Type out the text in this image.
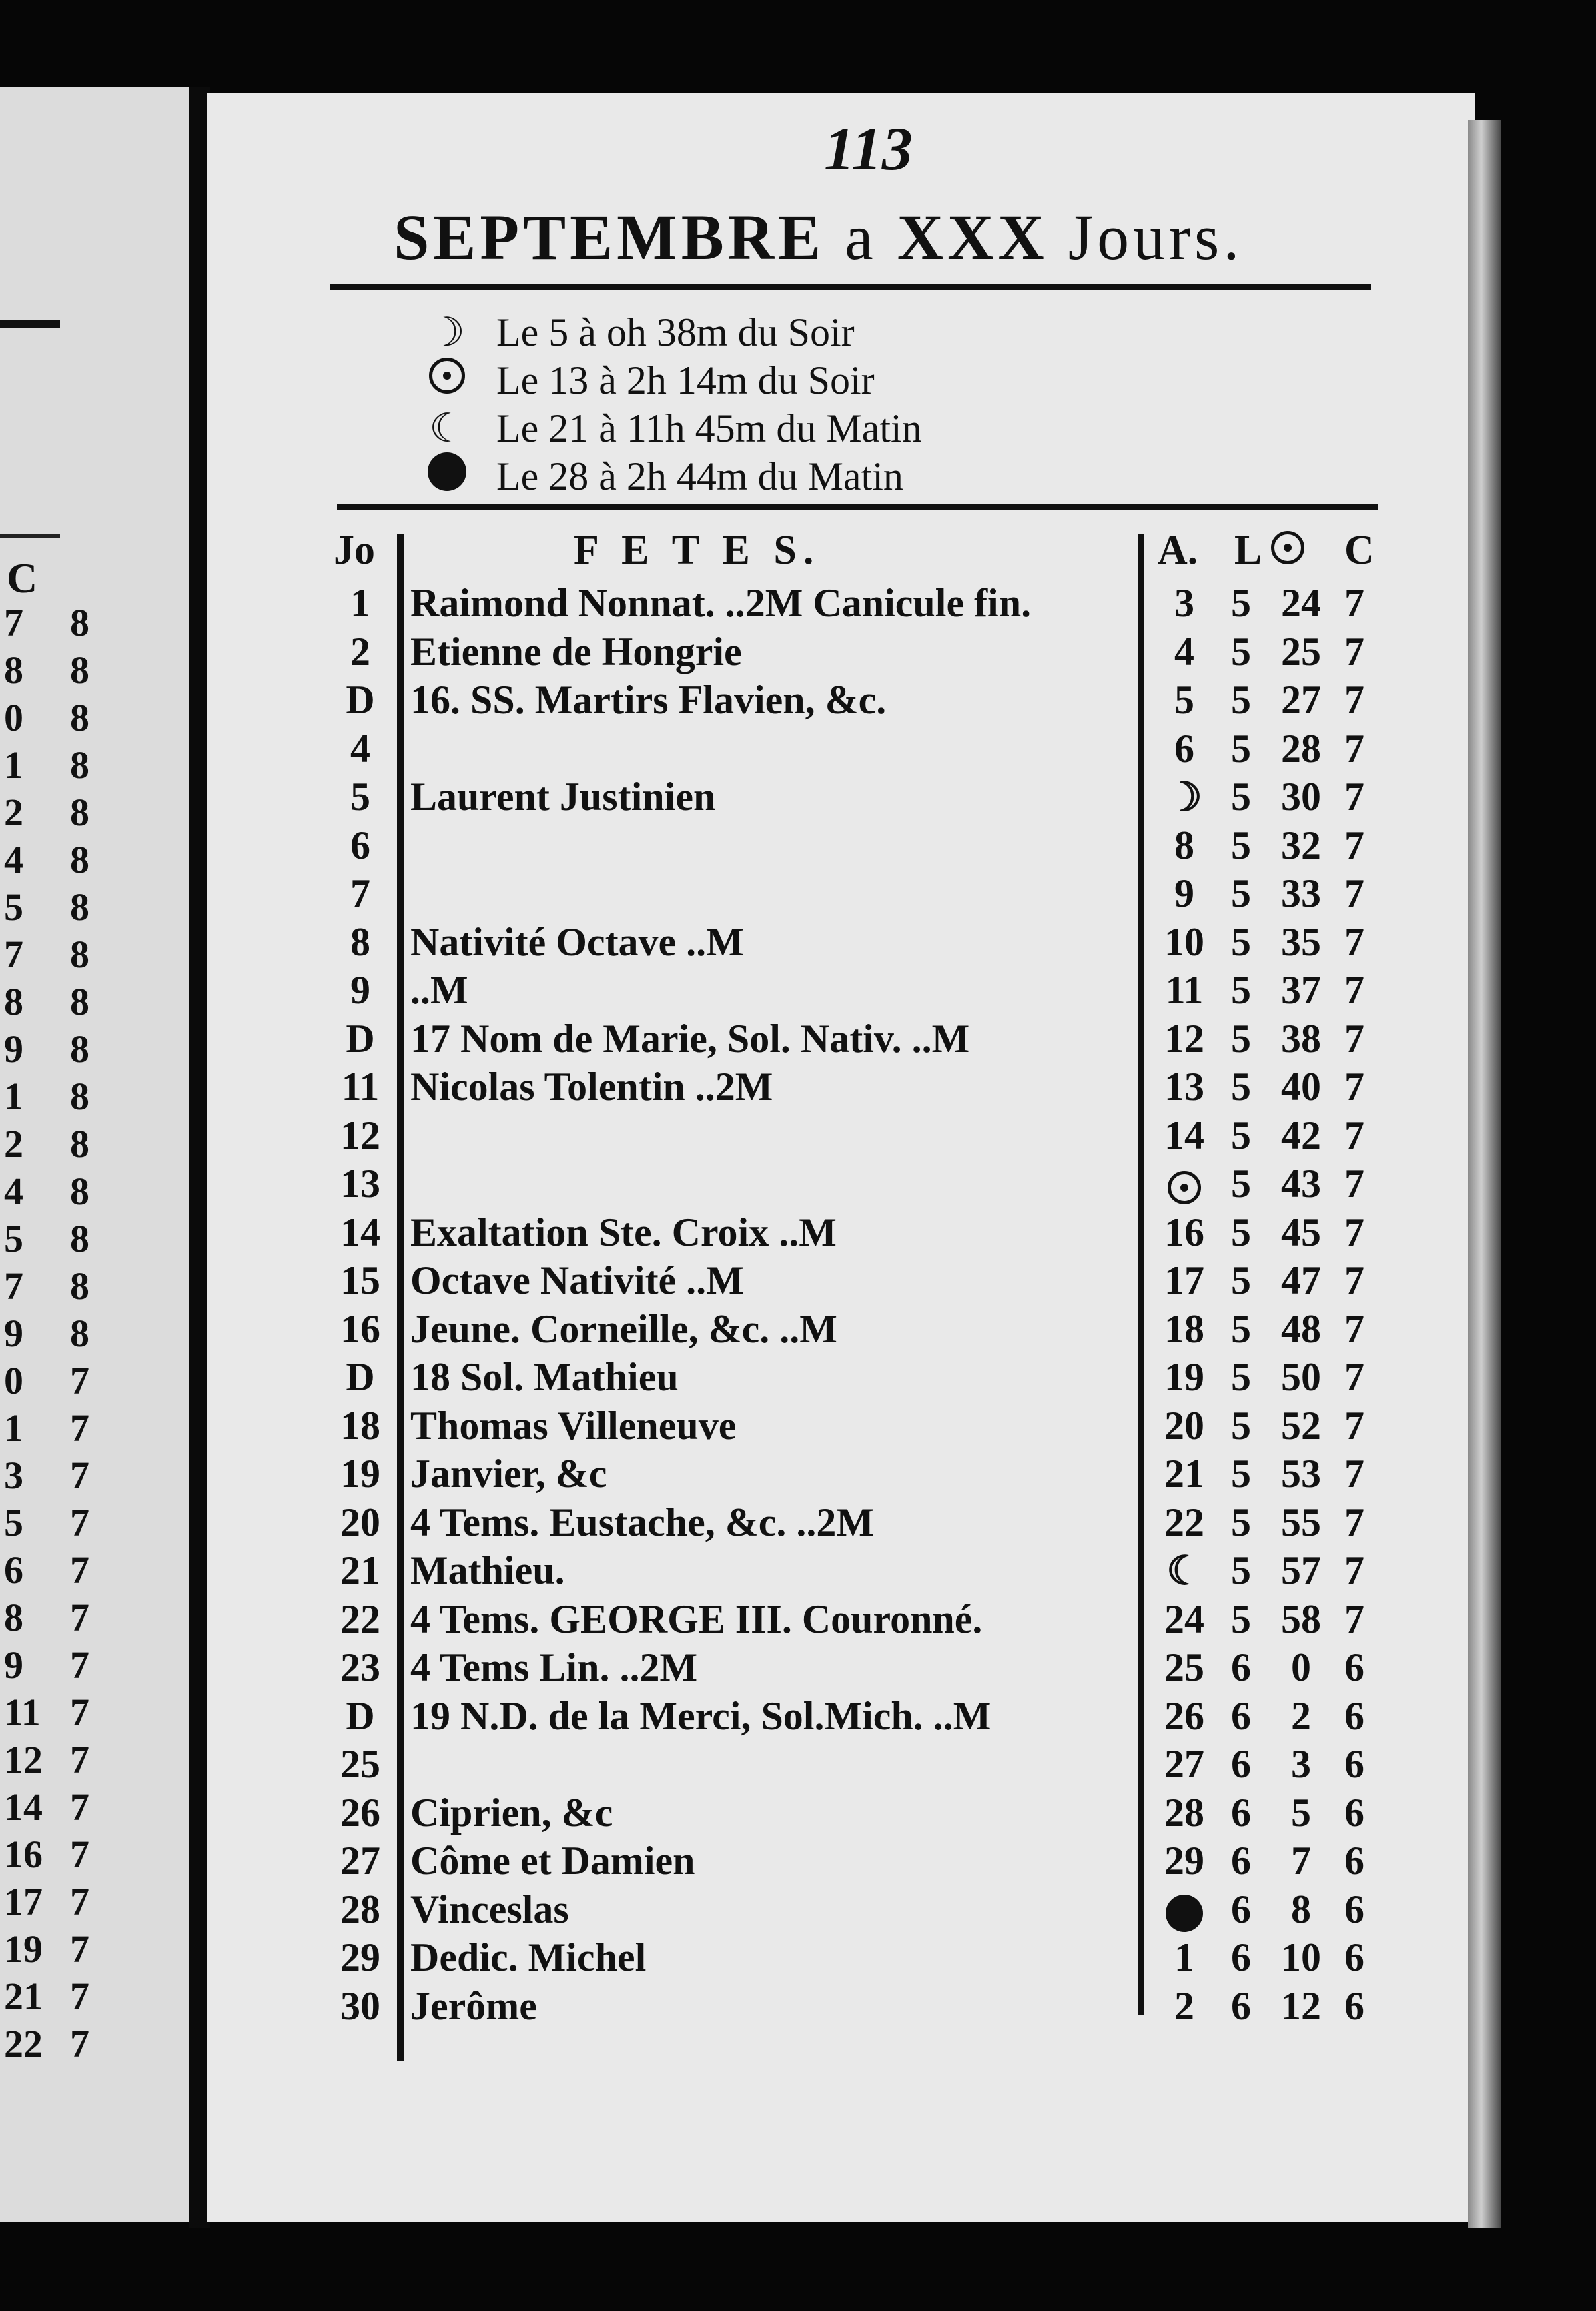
C
7 8
8 8
0 8
1 8
2 8
4 8
5 8
7 8
8 8
9 8
1 8
2 8
4 8
5 8
7 8
9 8
0 7
1 7
3 7
5 7
6 7
8 7
9 7
11 7
12 7
14 7
16 7
17 7
19 7
21 7
22 7
113
SEPTEMBRE a XXX Jours.
☽ Le 5 à oh 38m du Soir
Le 13 à 2h 14m du Soir
☾ Le 21 à 11h 45m du Matin
Le 28 à 2h 44m du Matin
Jo	F E T E S.	A. L C
1	Raimond Nonnat. ..2M Canicule fin.	3 5 24 7
2	Etienne de Hongrie	4 5 25 7
D 16. SS. Martirs Flavien, &c.	5 5 27 7
4	6 5 28 7
5	Laurent Justinien	☽ 5 30 7
6	8 5 32 7
7	9 5 33 7
8	Nativité Octave ..M	10 5 35 7
9	..M	11 5 37 7
D 17 Nom de Marie, Sol. Nativ. ..M	12 5 38 7
11 Nicolas Tolentin ..2M	13 5 40 7
12	14 5 42 7
13	5 43 7
14 Exaltation Ste. Croix ..M	16 5 45 7
15 Octave Nativité ..M	17 5 47 7
16 Jeune. Corneille, &c. ..M	18 5 48 7
D 18 Sol. Mathieu	19 5 50 7
18 Thomas Villeneuve	20 5 52 7
19 Janvier, &c	21 5 53 7
20 4 Tems. Eustache, &c. ..2M	22 5 55 7
21 Mathieu.	☾ 5 57 7
22 4 Tems. GEORGE III. Couronné.	24 5 58 7
23 4 Tems Lin. ..2M	25 6	0 6
D 19 N.D. de la Merci, Sol.Mich. ..M	26 6	2 6
25	27 6	3 6
26 Ciprien, &c	28 6	5 6
27 Côme et Damien	29 6	7 6
28 Vinceslas	6	8 6
29 Dedic. Michel	1 6 10 6
30 Jerôme	2 6 12 6
